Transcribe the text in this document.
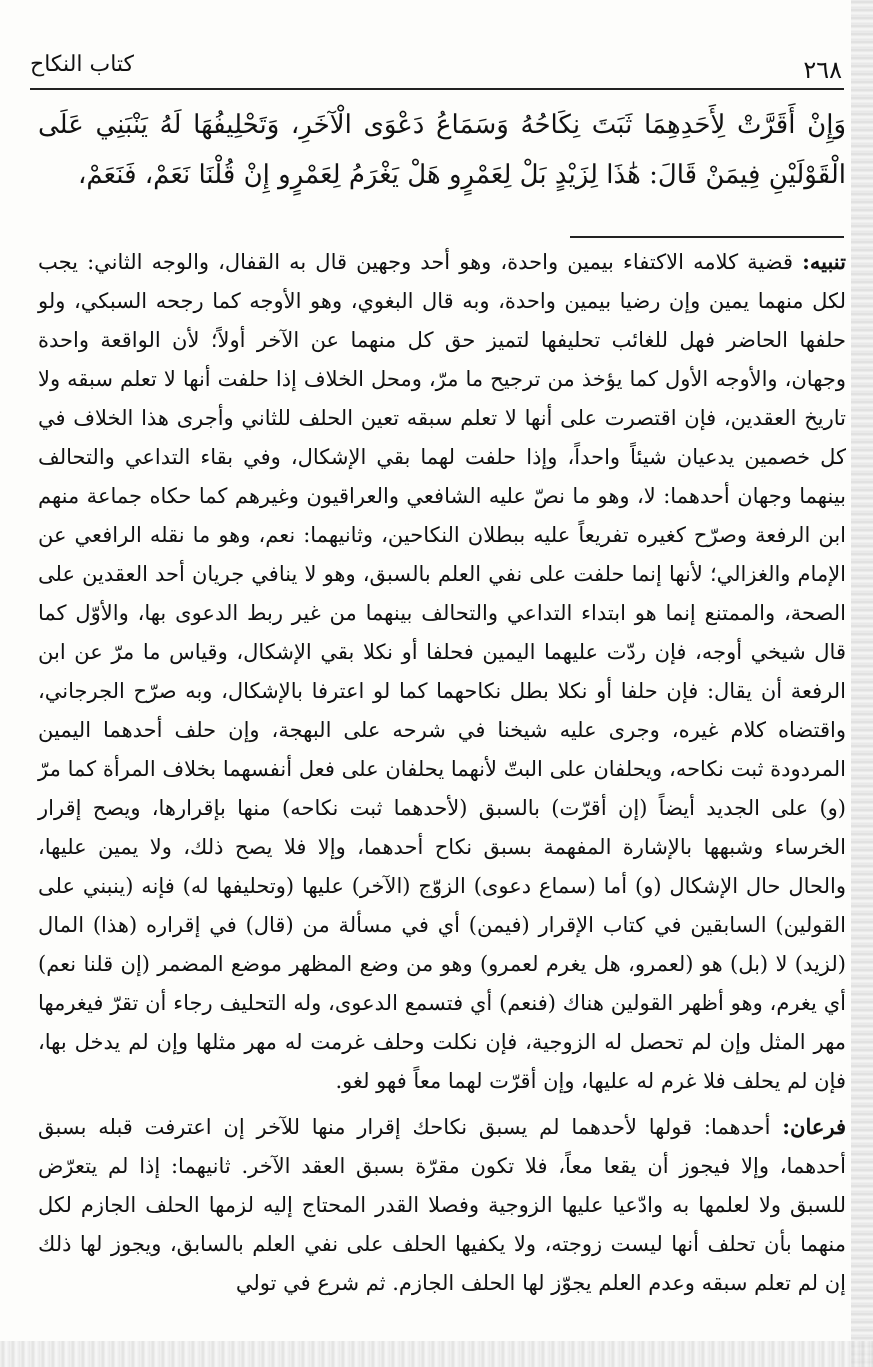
٢٦٨
كتاب النكاح
وَإِنْ أَقَرَّتْ لِأَحَدِهِمَا ثَبَتَ نِكَاحُهُ وَسَمَاعُ دَعْوَى الْآخَرِ، وَتَحْلِيفُهَا لَهُ يَنْبَنِي عَلَى الْقَوْلَيْنِ فِيمَنْ قَالَ: هَٰذَا لِزَيْدٍ بَلْ لِعَمْرٍو هَلْ يَغْرَمُ لِعَمْرٍو إِنْ قُلْنَا نَعَمْ، فَنَعَمْ،

تنبيه: قضية كلامه الاكتفاء بيمين واحدة، وهو أحد وجهين قال به القفال، والوجه الثاني: يجب لكل منهما يمين وإن رضيا بيمين واحدة، وبه قال البغوي، وهو الأوجه كما رجحه السبكي، ولو حلفها الحاضر فهل للغائب تحليفها لتميز حق كل منهما عن الآخر أولاً؛ لأن الواقعة واحدة وجهان، والأوجه الأول كما يؤخذ من ترجيح ما مرّ، ومحل الخلاف إذا حلفت أنها لا تعلم سبقه ولا تاريخ العقدين، فإن اقتصرت على أنها لا تعلم سبقه تعين الحلف للثاني وأجرى هذا الخلاف في كل خصمين يدعيان شيئاً واحداً، وإذا حلفت لهما بقي الإشكال، وفي بقاء التداعي والتحالف بينهما وجهان أحدهما: لا، وهو ما نصّ عليه الشافعي والعراقيون وغيرهم كما حكاه جماعة منهم ابن الرفعة وصرّح كغيره تفريعاً عليه ببطلان النكاحين، وثانيهما: نعم، وهو ما نقله الرافعي عن الإمام والغزالي؛ لأنها إنما حلفت على نفي العلم بالسبق، وهو لا ينافي جريان أحد العقدين على الصحة، والممتنع إنما هو ابتداء التداعي والتحالف بينهما من غير ربط الدعوى بها، والأوّل كما قال شيخي أوجه، فإن ردّت عليهما اليمين فحلفا أو نكلا بقي الإشكال، وقياس ما مرّ عن ابن الرفعة أن يقال: فإن حلفا أو نكلا بطل نكاحهما كما لو اعترفا بالإشكال، وبه صرّح الجرجاني، واقتضاه كلام غيره، وجرى عليه شيخنا في شرحه على البهجة، وإن حلف أحدهما اليمين المردودة ثبت نكاحه، ويحلفان على البتّ لأنهما يحلفان على فعل أنفسهما بخلاف المرأة كما مرّ (و) على الجديد أيضاً (إن أقرّت) بالسبق (لأحدهما ثبت نكاحه) منها بإقرارها، ويصح إقرار الخرساء وشبهها بالإشارة المفهمة بسبق نكاح أحدهما، وإلا فلا يصح ذلك، ولا يمين عليها، والحال حال الإشكال (و) أما (سماع دعوى) الزوّج (الآخر) عليها (وتحليفها له) فإنه (ينبني على القولين) السابقين في كتاب الإقرار (فيمن) أي في مسألة من (قال) في إقراره (هذا) المال (لزيد) لا (بل) هو (لعمرو، هل يغرم لعمرو) وهو من وضع المظهر موضع المضمر (إن قلنا نعم) أي يغرم، وهو أظهر القولين هناك (فنعم) أي فتسمع الدعوى، وله التحليف رجاء أن تقرّ فيغرمها مهر المثل وإن لم تحصل له الزوجية، فإن نكلت وحلف غرمت له مهر مثلها وإن لم يدخل بها، فإن لم يحلف فلا غرم له عليها، وإن أقرّت لهما معاً فهو لغو.

فرعان: أحدهما: قولها لأحدهما لم يسبق نكاحك إقرار منها للآخر إن اعترفت قبله بسبق أحدهما، وإلا فيجوز أن يقعا معاً، فلا تكون مقرّة بسبق العقد الآخر. ثانيهما: إذا لم يتعرّض للسبق ولا لعلمها به وادّعيا عليها الزوجية وفصلا القدر المحتاج إليه لزمها الحلف الجازم لكل منهما بأن تحلف أنها ليست زوجته، ولا يكفيها الحلف على نفي العلم بالسابق، ويجوز لها ذلك إن لم تعلم سبقه وعدم العلم يجوّز لها الحلف الجازم. ثم شرع في تولي
